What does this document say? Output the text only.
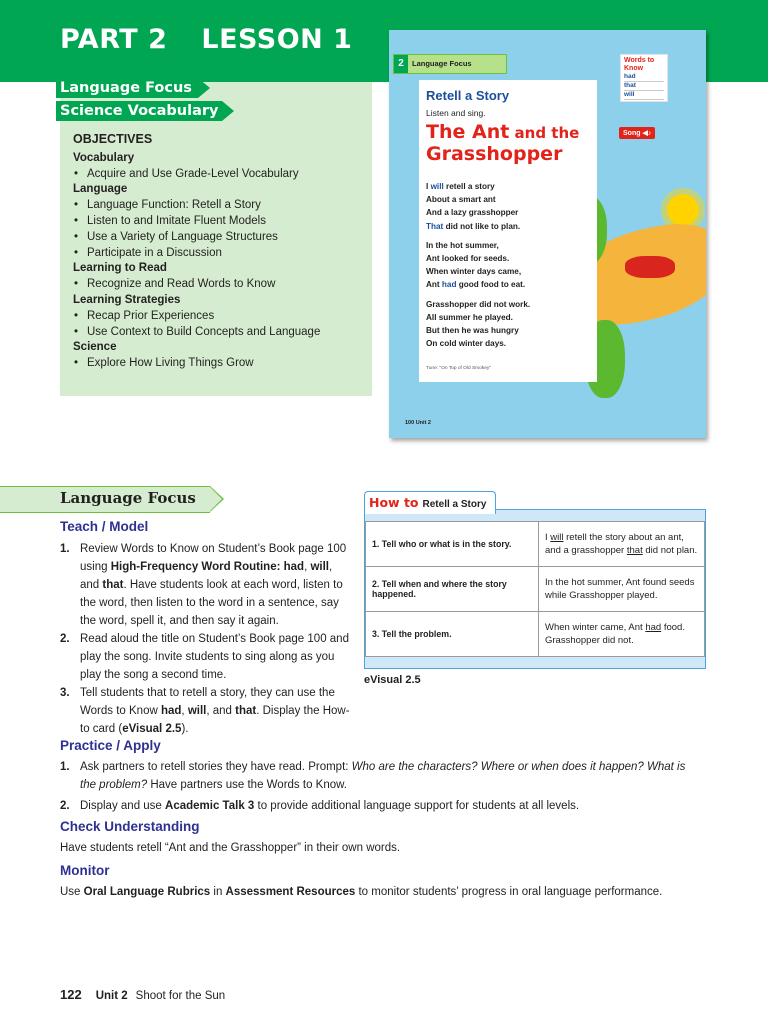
PART 2 LESSON 1
OBJECTIVES
Vocabulary
• Acquire and Use Grade-Level Vocabulary
Language
• Language Function: Retell a Story
• Listen to and Imitate Fluent Models
• Use a Variety of Language Structures
• Participate in a Discussion
Learning to Read
• Recognize and Read Words to Know
Learning Strategies
• Recap Prior Experiences
• Use Context to Build Concepts and Language
Science
• Explore How Living Things Grow
Language Focus
Science Vocabulary
2 Language Focus	Words to Know
had
that
will
Retell a Story
Listen and sing.
The Ant and the
Grasshopper
I will retell a story
About a smart ant
And a lazy grasshopper
That did not like to plan.

In the hot summer,
Ant looked for seeds.
When winter days came,
Ant had good food to eat.

Grasshopper did not work.
All summer he played.
But then he was hungry
On cold winter days.
Tune: "On Top of Old Smokey"
Song ◀♪
100 Unit 2
Language Focus
Teach / Model
1. Review Words to Know on Student’s Book page 100 using High-Frequency Word Routine: had, will, and that. Have students look at each word, listen to the word, then listen to the word in a sentence, say the word, spell it, and then say it again.
2. Read aloud the title on Student’s Book page 100 and play the song. Invite students to sing along as you play the song a second time.
3. Tell students that to retell a story, they can use the Words to Know had, will, and that. Display the How-to card (eVisual 2.5).
Practice / Apply
1. Ask partners to retell stories they have read. Prompt: Who are the characters? Where or when does it happen? What is the problem? Have partners use the Words to Know.
2. Display and use Academic Talk 3 to provide additional language support for students at all levels.
Check Understanding
Have students retell “Ant and the Grasshopper” in their own words.
Monitor
Use Oral Language Rubrics in Assessment Resources to monitor students’ progress in oral language performance.
1. Tell who or what is in the story.	I will retell the story about an ant, and a grasshopper that did not plan.
2. Tell when and where the story happened.	In the hot summer, Ant found seeds while Grasshopper played.
3. Tell the problem.	When winter came, Ant had food. Grasshopper did not.
How to Retell a Story
eVisual 2.5
122 Unit 2 Shoot for the Sun
